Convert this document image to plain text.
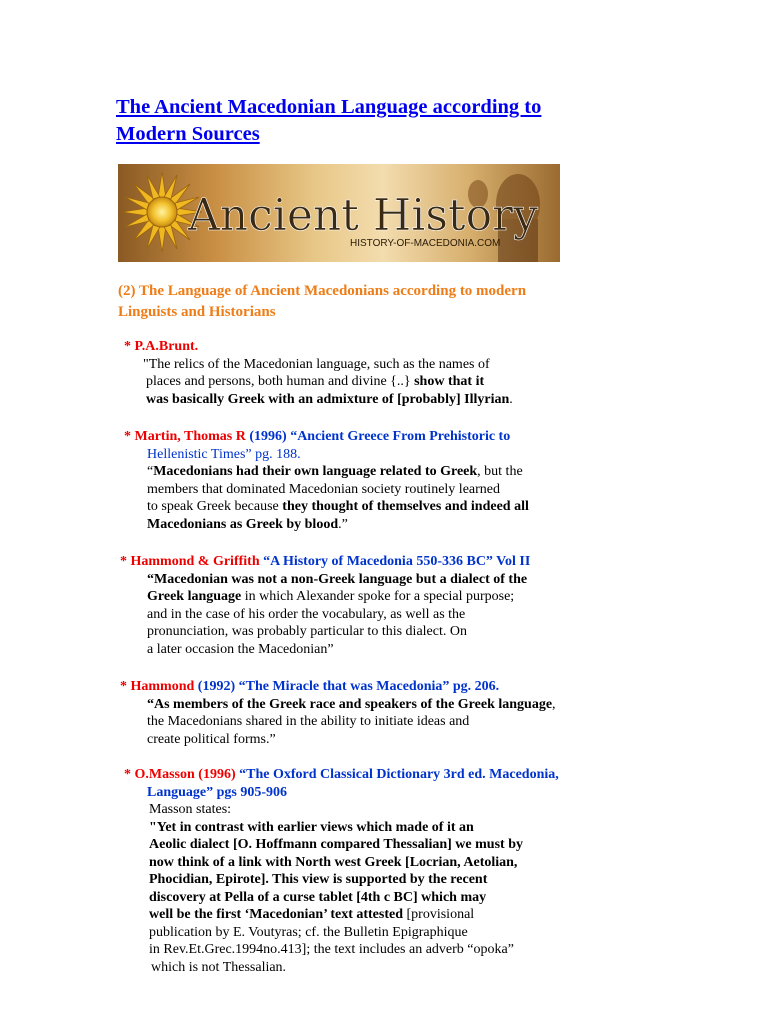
The Ancient Macedonian Language according to
Modern Sources
Ancient History
HISTORY-OF-MACEDONIA.COM
(2) The Language of Ancient Macedonians according to modern
Linguists and Historians
* P.A.Brunt.
"The relics of the Macedonian language, such as the names of
places and persons, both human and divine {..} show that it
was basically Greek with an admixture of [probably] Illyrian.
* Martin, Thomas R (1996) “Ancient Greece From Prehistoric to
Hellenistic Times” pg. 188.
“Macedonians had their own language related to Greek, but the
members that dominated Macedonian society routinely learned
to speak Greek because they thought of themselves and indeed all
Macedonians as Greek by blood.”
* Hammond & Griffith “A History of Macedonia 550-336 BC” Vol II
“Macedonian was not a non-Greek language but a dialect of the
Greek language in which Alexander spoke for a special purpose;
and in the case of his order the vocabulary, as well as the
pronunciation, was probably particular to this dialect. On
a later occasion the Macedonian”
* Hammond (1992) “The Miracle that was Macedonia” pg. 206.
“As members of the Greek race and speakers of the Greek language,
the Macedonians shared in the ability to initiate ideas and
create political forms.”
* O.Masson (1996) “The Oxford Classical Dictionary 3rd ed. Macedonia,
Language” pgs 905-906
Masson states:
"Yet in contrast with earlier views which made of it an
Aeolic dialect [O. Hoffmann compared Thessalian] we must by
now think of a link with North west Greek [Locrian, Aetolian,
Phocidian, Epirote]. This view is supported by the recent
discovery at Pella of a curse tablet [4th c BC] which may
well be the first ‘Macedonian’ text attested [provisional
publication by E. Voutyras; cf. the Bulletin Epigraphique
in Rev.Et.Grec.1994no.413]; the text includes an adverb “opoka”
which is not Thessalian.
